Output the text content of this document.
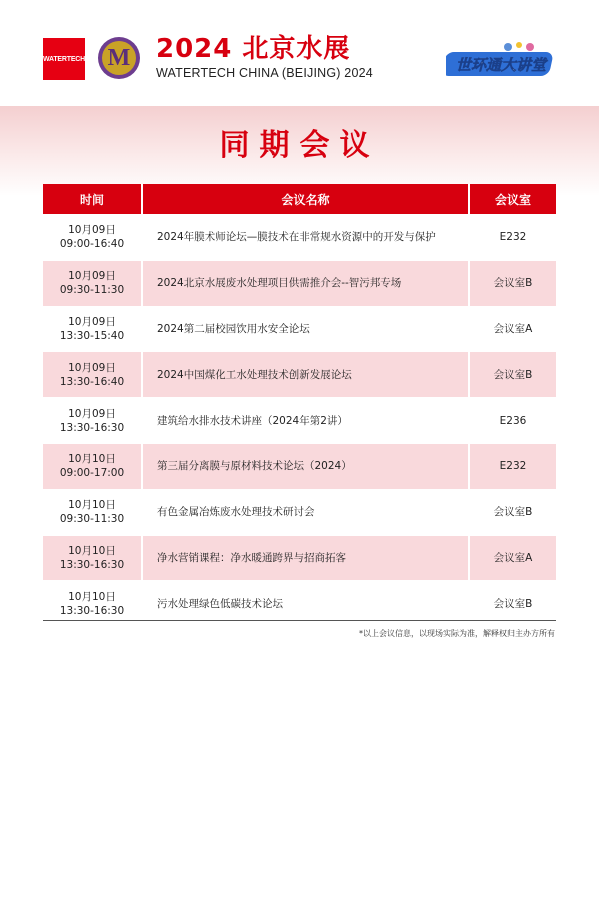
WATERTECH M 2024 北京水展
WATERTECH CHINA (BEIJING) 2024	世环通大讲堂
同期会议
时间	会议名称	会议室
10月09日
09:00-16:40
2024年膜术师论坛—膜技术在非常规水资源中的开发与保护	E232
10月09日
09:30-11:30
2024北京水展废水处理项目供需推介会--智污邦专场	会议室B
10月09日
13:30-15:40
2024第二届校园饮用水安全论坛	会议室A
10月09日
13:30-16:40
2024中国煤化工水处理技术创新发展论坛	会议室B
10月09日
13:30-16:30
建筑给水排水技术讲座（2024年第2讲）	E236
10月10日
09:00-17:00
第三届分离膜与原材料技术论坛（2024）	E232
10月10日
09:30-11:30
有色金属冶炼废水处理技术研讨会	会议室B
10月10日
13:30-16:30
净水营销课程：净水暖通跨界与招商拓客	会议室A
10月10日
13:30-16:30
污水处理绿色低碳技术论坛	会议室B
*以上会议信息，以现场实际为准，解释权归主办方所有
